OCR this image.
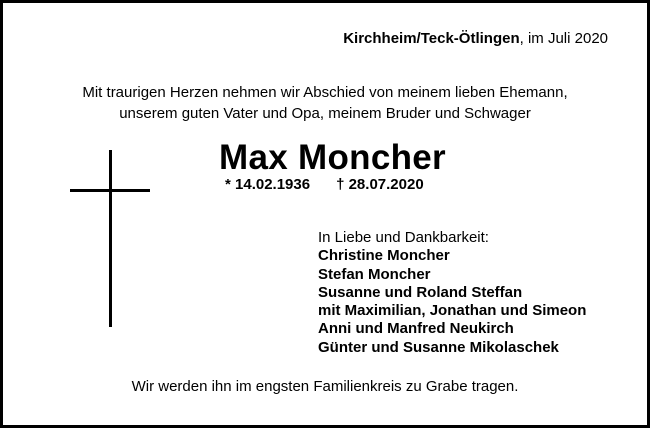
Kirchheim/Teck-Ötlingen, im Juli 2020
Mit traurigen Herzen nehmen wir Abschied von meinem lieben Ehemann,
unserem guten Vater und Opa, meinem Bruder und Schwager
Max Moncher
* 14.02.1936 † 28.07.2020
In Liebe und Dankbarkeit:
Christine Moncher
Stefan Moncher
Susanne und Roland Steffan
mit Maximilian, Jonathan und Simeon
Anni und Manfred Neukirch
Günter und Susanne Mikolaschek
Wir werden ihn im engsten Familienkreis zu Grabe tragen.
